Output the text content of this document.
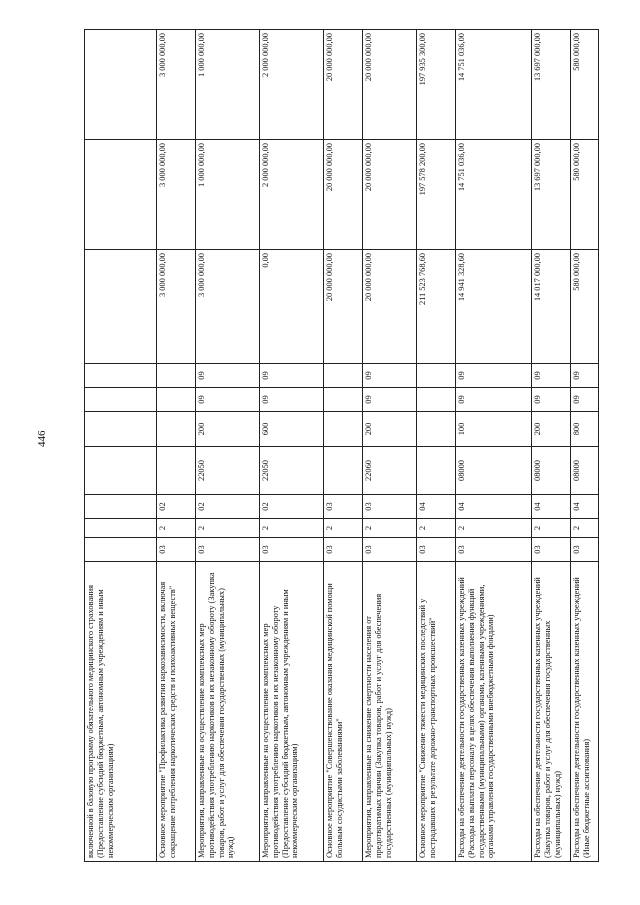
446
включенной в базовую программу обязательного медицинского страхования (Предоставление субсидий бюджетным, автономным учреждениям и иным некоммерческим организациям)										
Основное мероприятие "Профилактика развития наркозависимости, включая сокращение потребления наркотических средств и психоактивных веществ"	03	2	02					3 000 000,00	3 000 000,00	3 000 000,00
Мероприятия, направленные на осуществление комплексных мер противодействия употреблению наркотиков и их незаконному обороту (Закупка товаров, работ и услуг для обеспечения государственных (муниципальных) нужд)	03	2	02	22050	200	09	09	3 000 000,00	1 000 000,00	1 000 000,00
Мероприятия, направленные на осуществление комплексных мер противодействия употреблению наркотиков и их незаконному обороту (Предоставление субсидий бюджетным, автономным учреждениям и иным некоммерческим организациям)	03	2	02	22050	600	09	09	0,00	2 000 000,00	2 000 000,00
Основное мероприятие "Совершенствование оказания медицинской помощи больным сосудистыми заболеваниями"	03	2	03					20 000 000,00	20 000 000,00	20 000 000,00
Мероприятия, направленные на снижение смертности населения от предотвратимых причин (Закупка товаров, работ и услуг для обеспечения государственных (муниципальных) нужд)	03	2	03	22060	200	09	09	20 000 000,00	20 000 000,00	20 000 000,00
Основное мероприятие "Снижение тяжести медицинских последствий у пострадавших в результате дорожно-транспортных происшествий"	03	2	04					211 523 768,60	197 578 200,00	197 935 300,00
Расходы на обеспечение деятельности государственных казенных учреждений (Расходы на выплаты персоналу в целях обеспечения выполнения функций государственными (муниципальными) органами, казенными учреждениями, органами управления государственными внебюджетными фондами)	03	2	04	08000	100	09	09	14 941 328,60	14 751 036,00	14 751 036,00
Расходы на обеспечение деятельности государственных казенных учреждений (Закупка товаров, работ и услуг для обеспечения государственных (муниципальных) нужд)	03	2	04	08000	200	09	09	14 017 000,00	13 697 000,00	13 697 000,00
Расходы на обеспечение деятельности государственных казенных учреждений (Иные бюджетные ассигнования)	03	2	04	08000	800	09	09	580 000,00	580 000,00	580 000,00
